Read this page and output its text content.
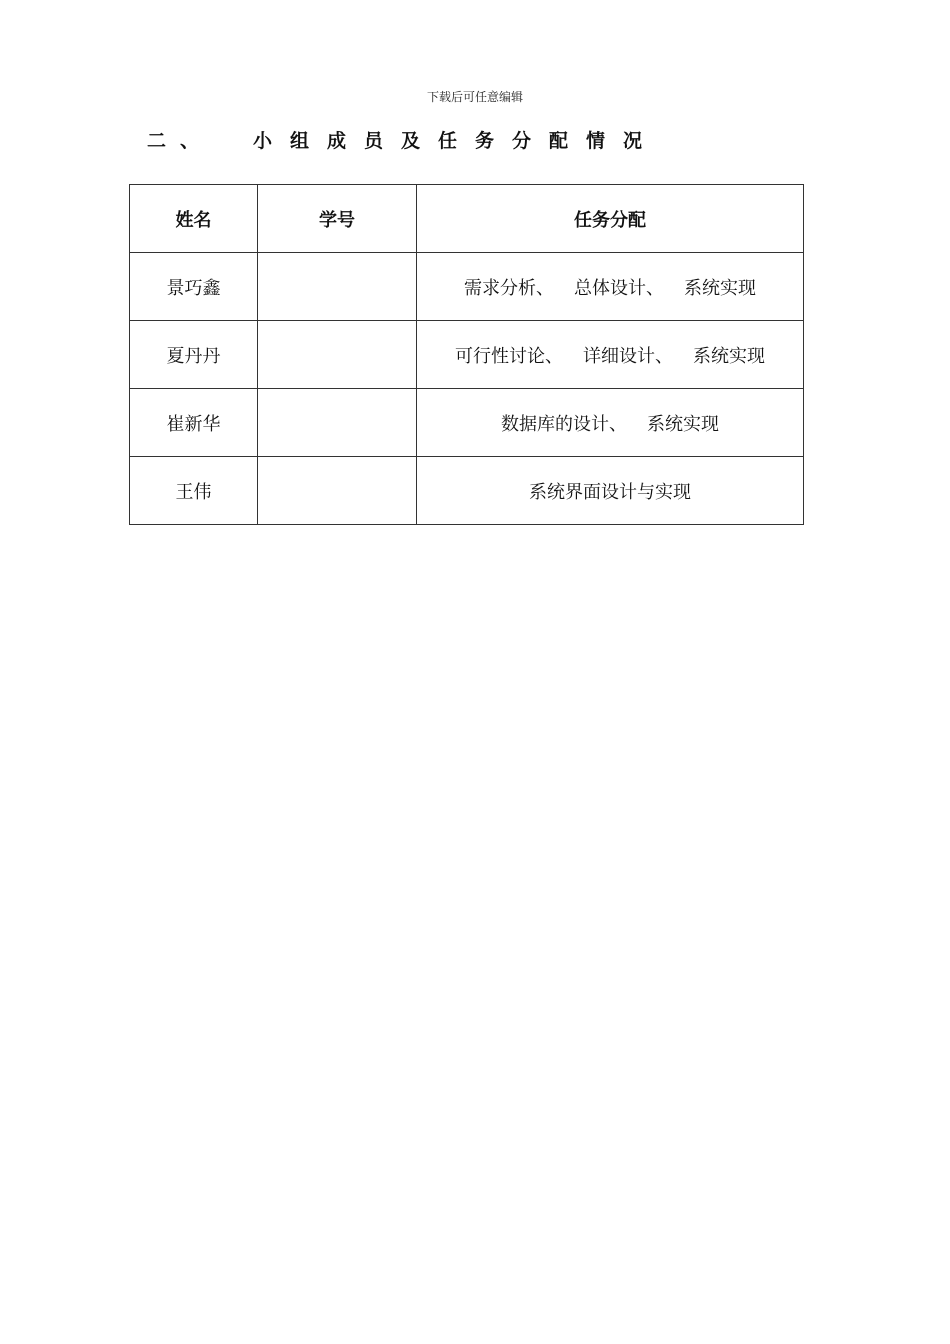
下载后可任意编辑
二、 小组成员及任务分配情况
姓名	学号	任务分配
景巧鑫		需求分析、 总体设计、 系统实现
夏丹丹		可行性讨论、 详细设计、 系统实现
崔新华		数据库的设计、 系统实现
王伟		系统界面设计与实现
